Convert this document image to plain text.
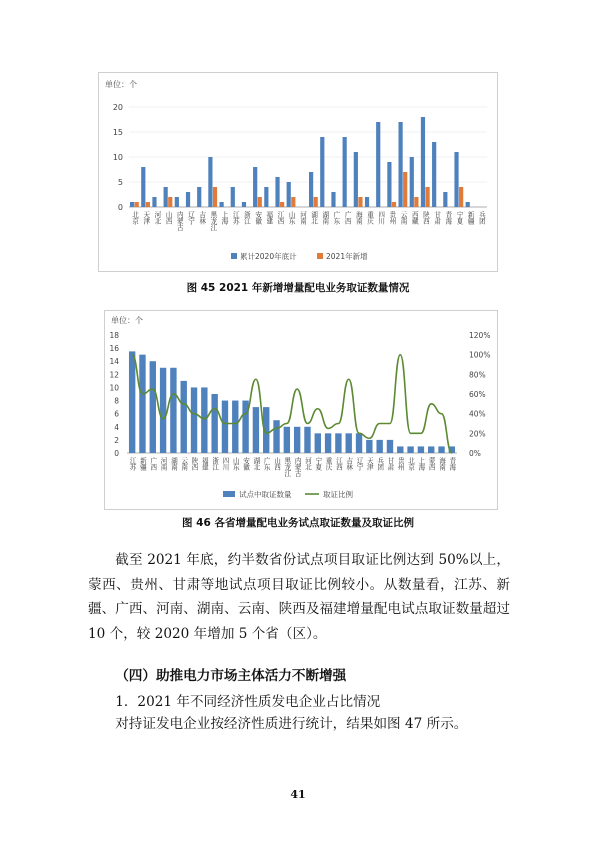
单位：个
0
5
10
15
20
北京 天津 河北 山西 内蒙古 辽宁 吉林 黑龙江 上海 江苏 浙江 安徽 福建 江西 山东 河南 湖北 湖南 广东 广西 海南 重庆 四川 贵州 云南 西藏 陕西 甘肃 青海 宁夏 新疆 兵团
累计2020年底计	2021年新增
图 45 2021 年新增增量配电业务取证数量情况
单位：个
0
2
4
6
8
10
12
14
16
18
0%
20%
40%
60%
80%
100%
120%
江苏 新疆 广西 河南 湖南 云南 陕西 福建 浙江 四川 山东 安徽 湖北 广东 山西 黑龙江 内蒙古 河北 宁夏 重庆 江西 吉林 辽宁 天津 兵团 甘肃 贵州 北京 上海 蒙西 海南 青海
试点中取证数量	取证比例
图 46 各省增量配电业务试点取证数量及取证比例

截至 2021 年底，约半数省份试点项目取证比例达到 50%以上，蒙西、贵州、甘肃等地试点项目取证比例较小。从数量看，江苏、新疆、广西、河南、湖南、云南、陕西及福建增量配电试点取证数量超过 10 个，较 2020 年增加 5 个省（区）。

（四）助推电力市场主体活力不断增强

1．2021 年不同经济性质发电企业占比情况

对持证发电企业按经济性质进行统计，结果如图 47 所示。

41
